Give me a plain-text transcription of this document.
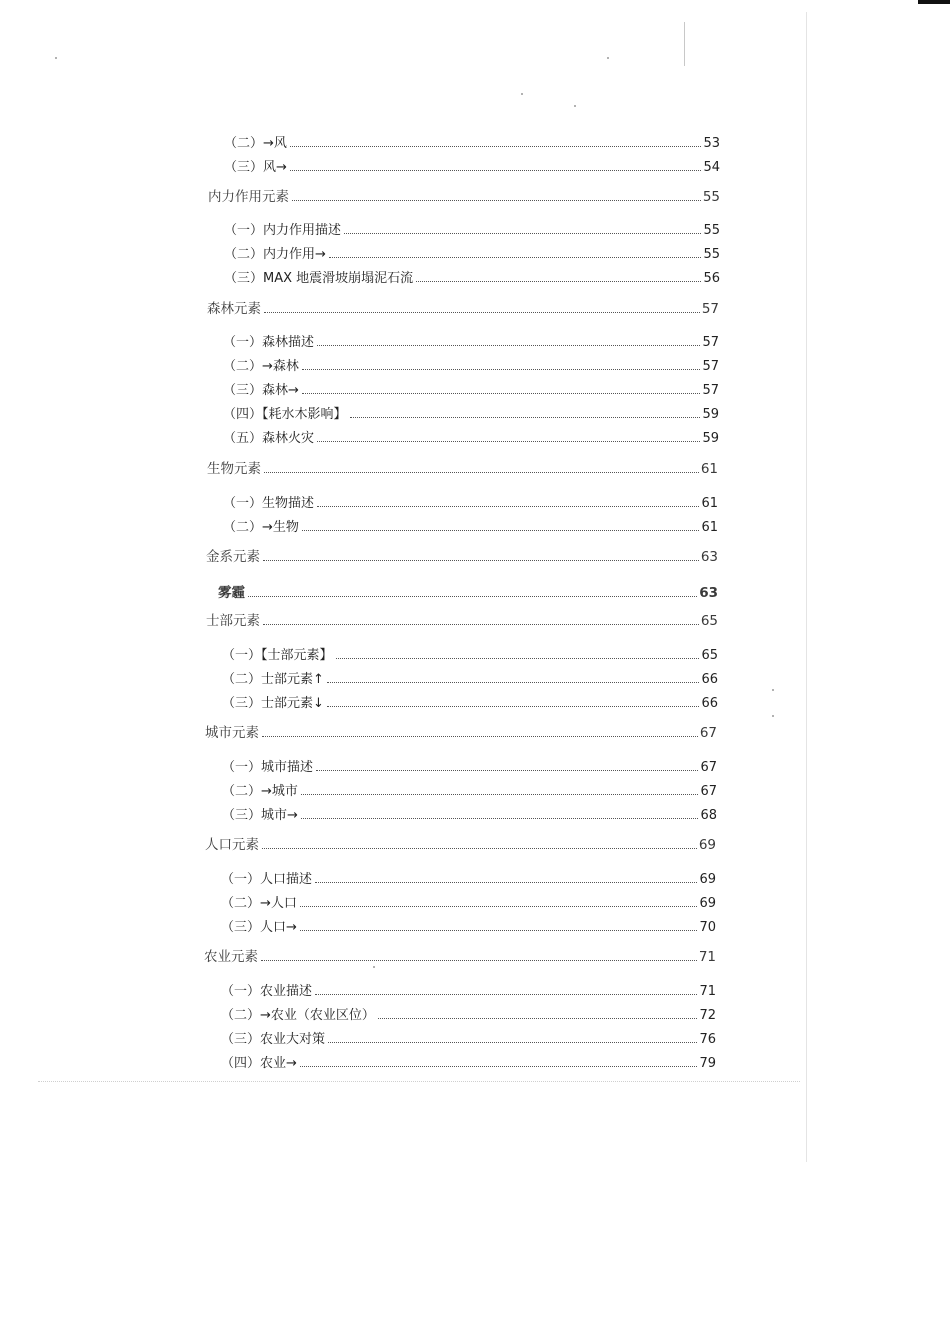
（二）→风	53
（三）风→	54
内力作用元素	55
（一）内力作用描述	55
（二）内力作用→	55
（三）MAX 地震滑坡崩塌泥石流	56
森林元素	57
（一）森林描述	57
（二）→森林	57
（三）森林→	57
（四）【耗水木影响】	59
（五）森林火灾	59
生物元素	61
（一）生物描述	61
（二）→生物	61
金系元素	63
雾霾	63
士部元素	65
（一）【士部元素】	65
（二）士部元素↑	66
（三）士部元素↓	66
城市元素	67
（一）城市描述	67
（二）→城市	67
（三）城市→	68
人口元素	69
（一）人口描述	69
（二）→人口	69
（三）人口→	70
农业元素	71
（一）农业描述	71
（二）→农业（农业区位）	72
（三）农业大对策	76
（四）农业→	79
